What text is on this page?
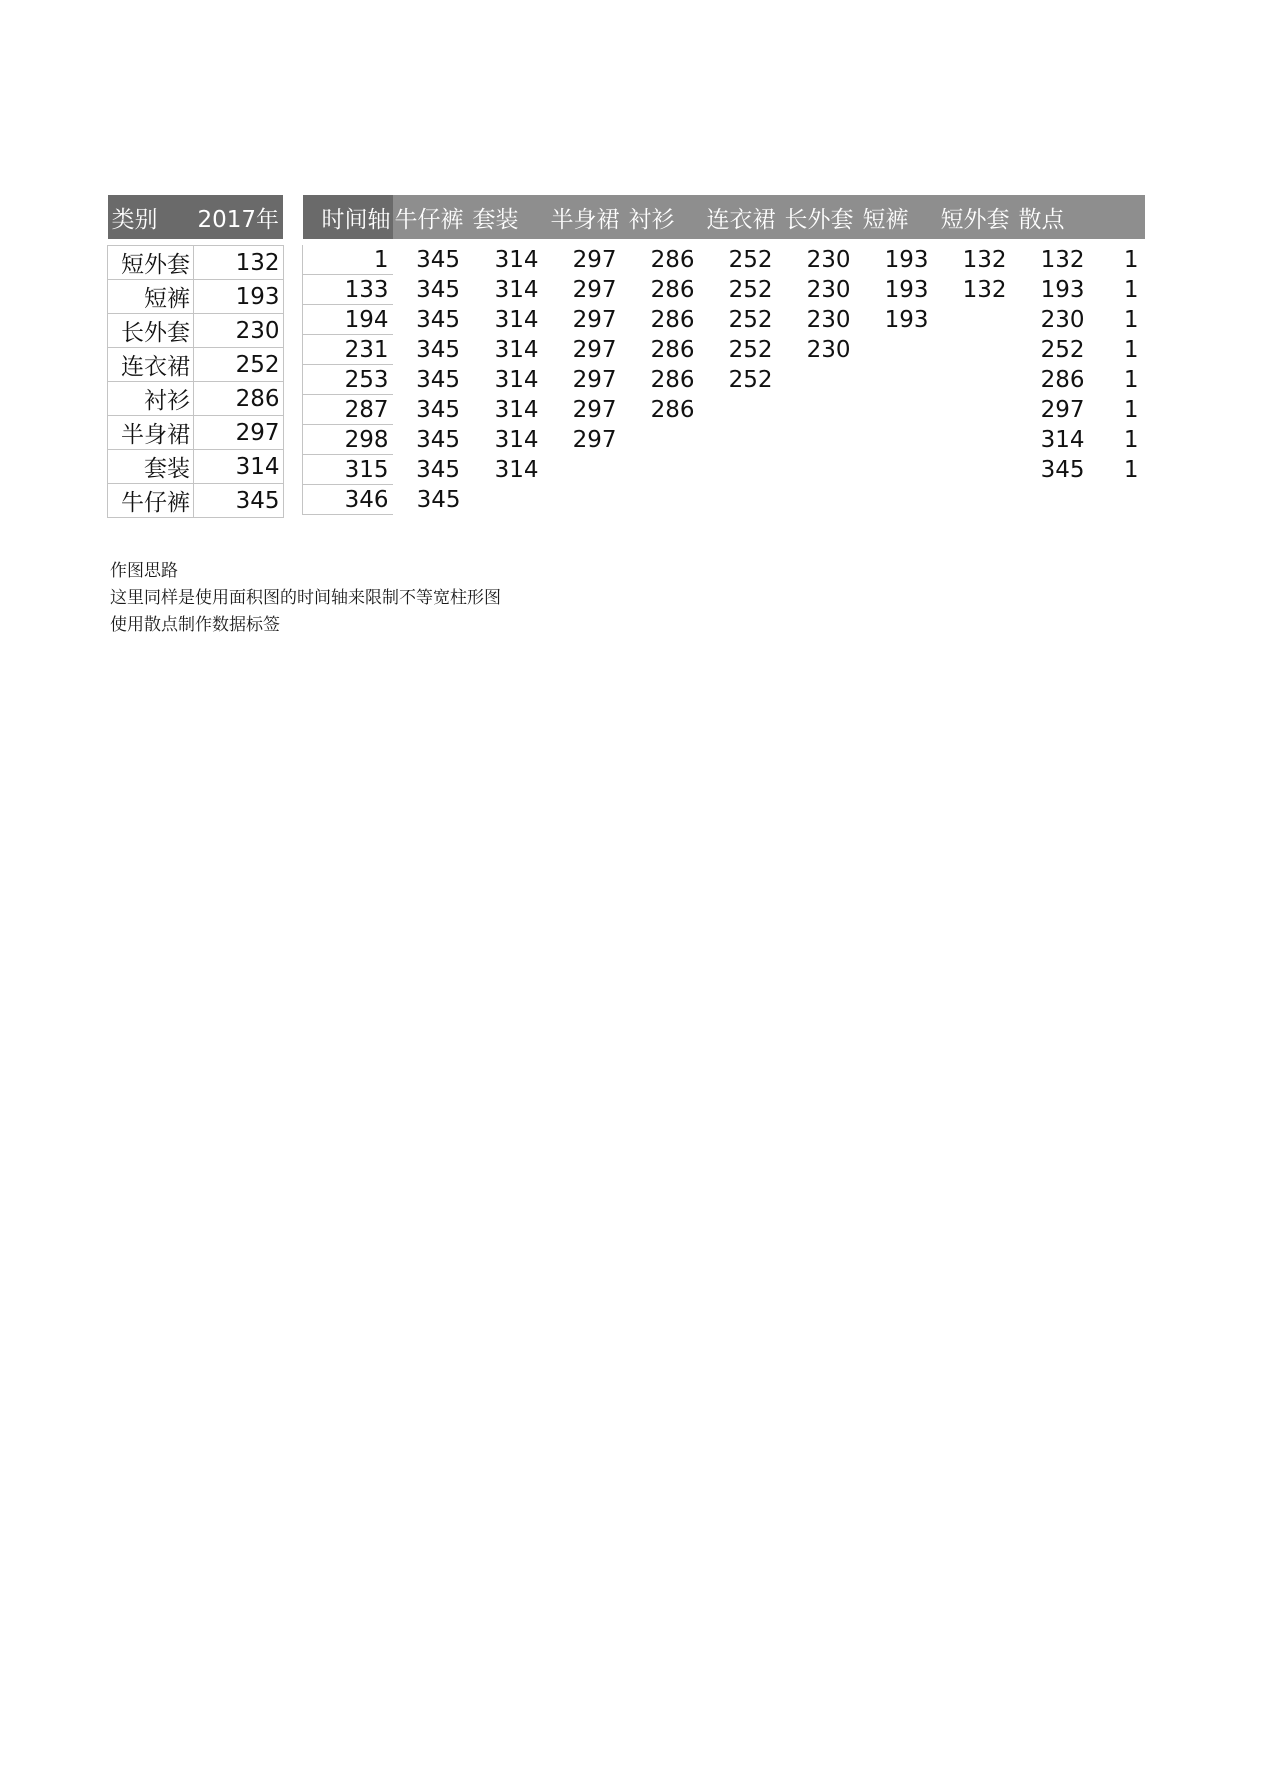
类别	2017年

短外套	132
短裤	193
长外套	230
连衣裙	252
衬衫	286
半身裙	297
套装	314
牛仔裤	345
时间轴	牛仔裤	套装	半身裙	衬衫	连衣裙	长外套	短裤	短外套	散点	

1	345	314	297	286	252	230	193	132	132	1
133	345	314	297	286	252	230	193	132	193	1
194	345	314	297	286	252	230	193		230	1
231	345	314	297	286	252	230			252	1
253	345	314	297	286	252				286	1
287	345	314	297	286					297	1
298	345	314	297						314	1
315	345	314							345	1
346	345									
作图思路
这里同样是使用面积图的时间轴来限制不等宽柱形图
使用散点制作数据标签
